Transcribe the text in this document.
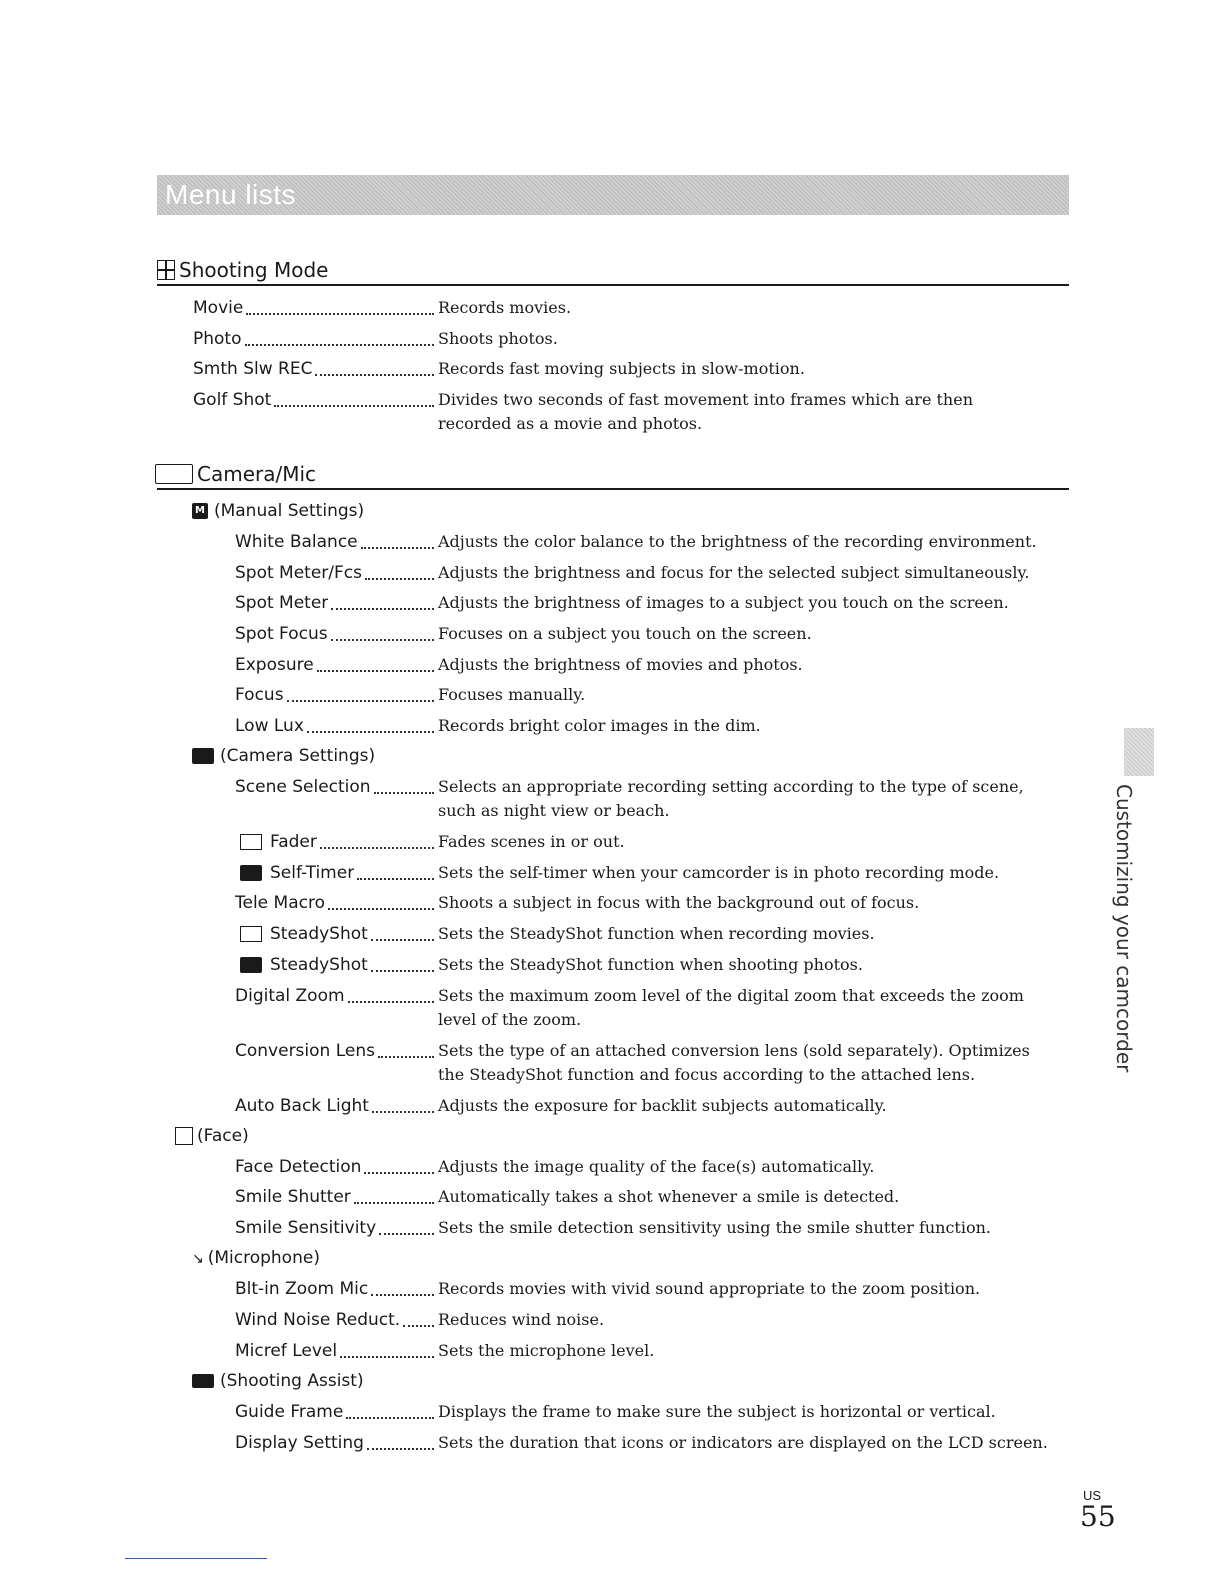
Menu lists
Shooting Mode
Movie	Records movies.
Photo	Shoots photos.
Smth Slw REC	Records fast moving subjects in slow-motion.
Golf Shot	Divides two seconds of fast movement into frames which are then
recorded as a movie and photos.
Camera/Mic
M (Manual Settings)
White Balance	Adjusts the color balance to the brightness of the recording environment.
Spot Meter/Fcs	Adjusts the brightness and focus for the selected subject simultaneously.
Spot Meter	Adjusts the brightness of images to a subject you touch on the screen.
Spot Focus	Focuses on a subject you touch on the screen.
Exposure	Adjusts the brightness of movies and photos.
Focus	Focuses manually.
Low Lux	Records bright color images in the dim.
(Camera Settings)
Scene Selection	Selects an appropriate recording setting according to the type of scene,
such as night view or beach.
Fader	Fades scenes in or out.
Self-Timer	Sets the self-timer when your camcorder is in photo recording mode.
Tele Macro	Shoots a subject in focus with the background out of focus.
SteadyShot	Sets the SteadyShot function when recording movies.
SteadyShot	Sets the SteadyShot function when shooting photos.
Digital Zoom	Sets the maximum zoom level of the digital zoom that exceeds the zoom
level of the zoom.
Conversion Lens	Sets the type of an attached conversion lens (sold separately). Optimizes
the SteadyShot function and focus according to the attached lens.
Auto Back Light	Adjusts the exposure for backlit subjects automatically.
(Face)
Face Detection	Adjusts the image quality of the face(s) automatically.
Smile Shutter	Automatically takes a shot whenever a smile is detected.
Smile Sensitivity	Sets the smile detection sensitivity using the smile shutter function.
↘ (Microphone)
Blt-in Zoom Mic	Records movies with vivid sound appropriate to the zoom position.
Wind Noise Reduct. Reduces wind noise.
Micref Level	Sets the microphone level.
(Shooting Assist)
Guide Frame	Displays the frame to make sure the subject is horizontal or vertical.
Display Setting	Sets the duration that icons or indicators are displayed on the LCD screen.
Customizing your camcorder
US
55
